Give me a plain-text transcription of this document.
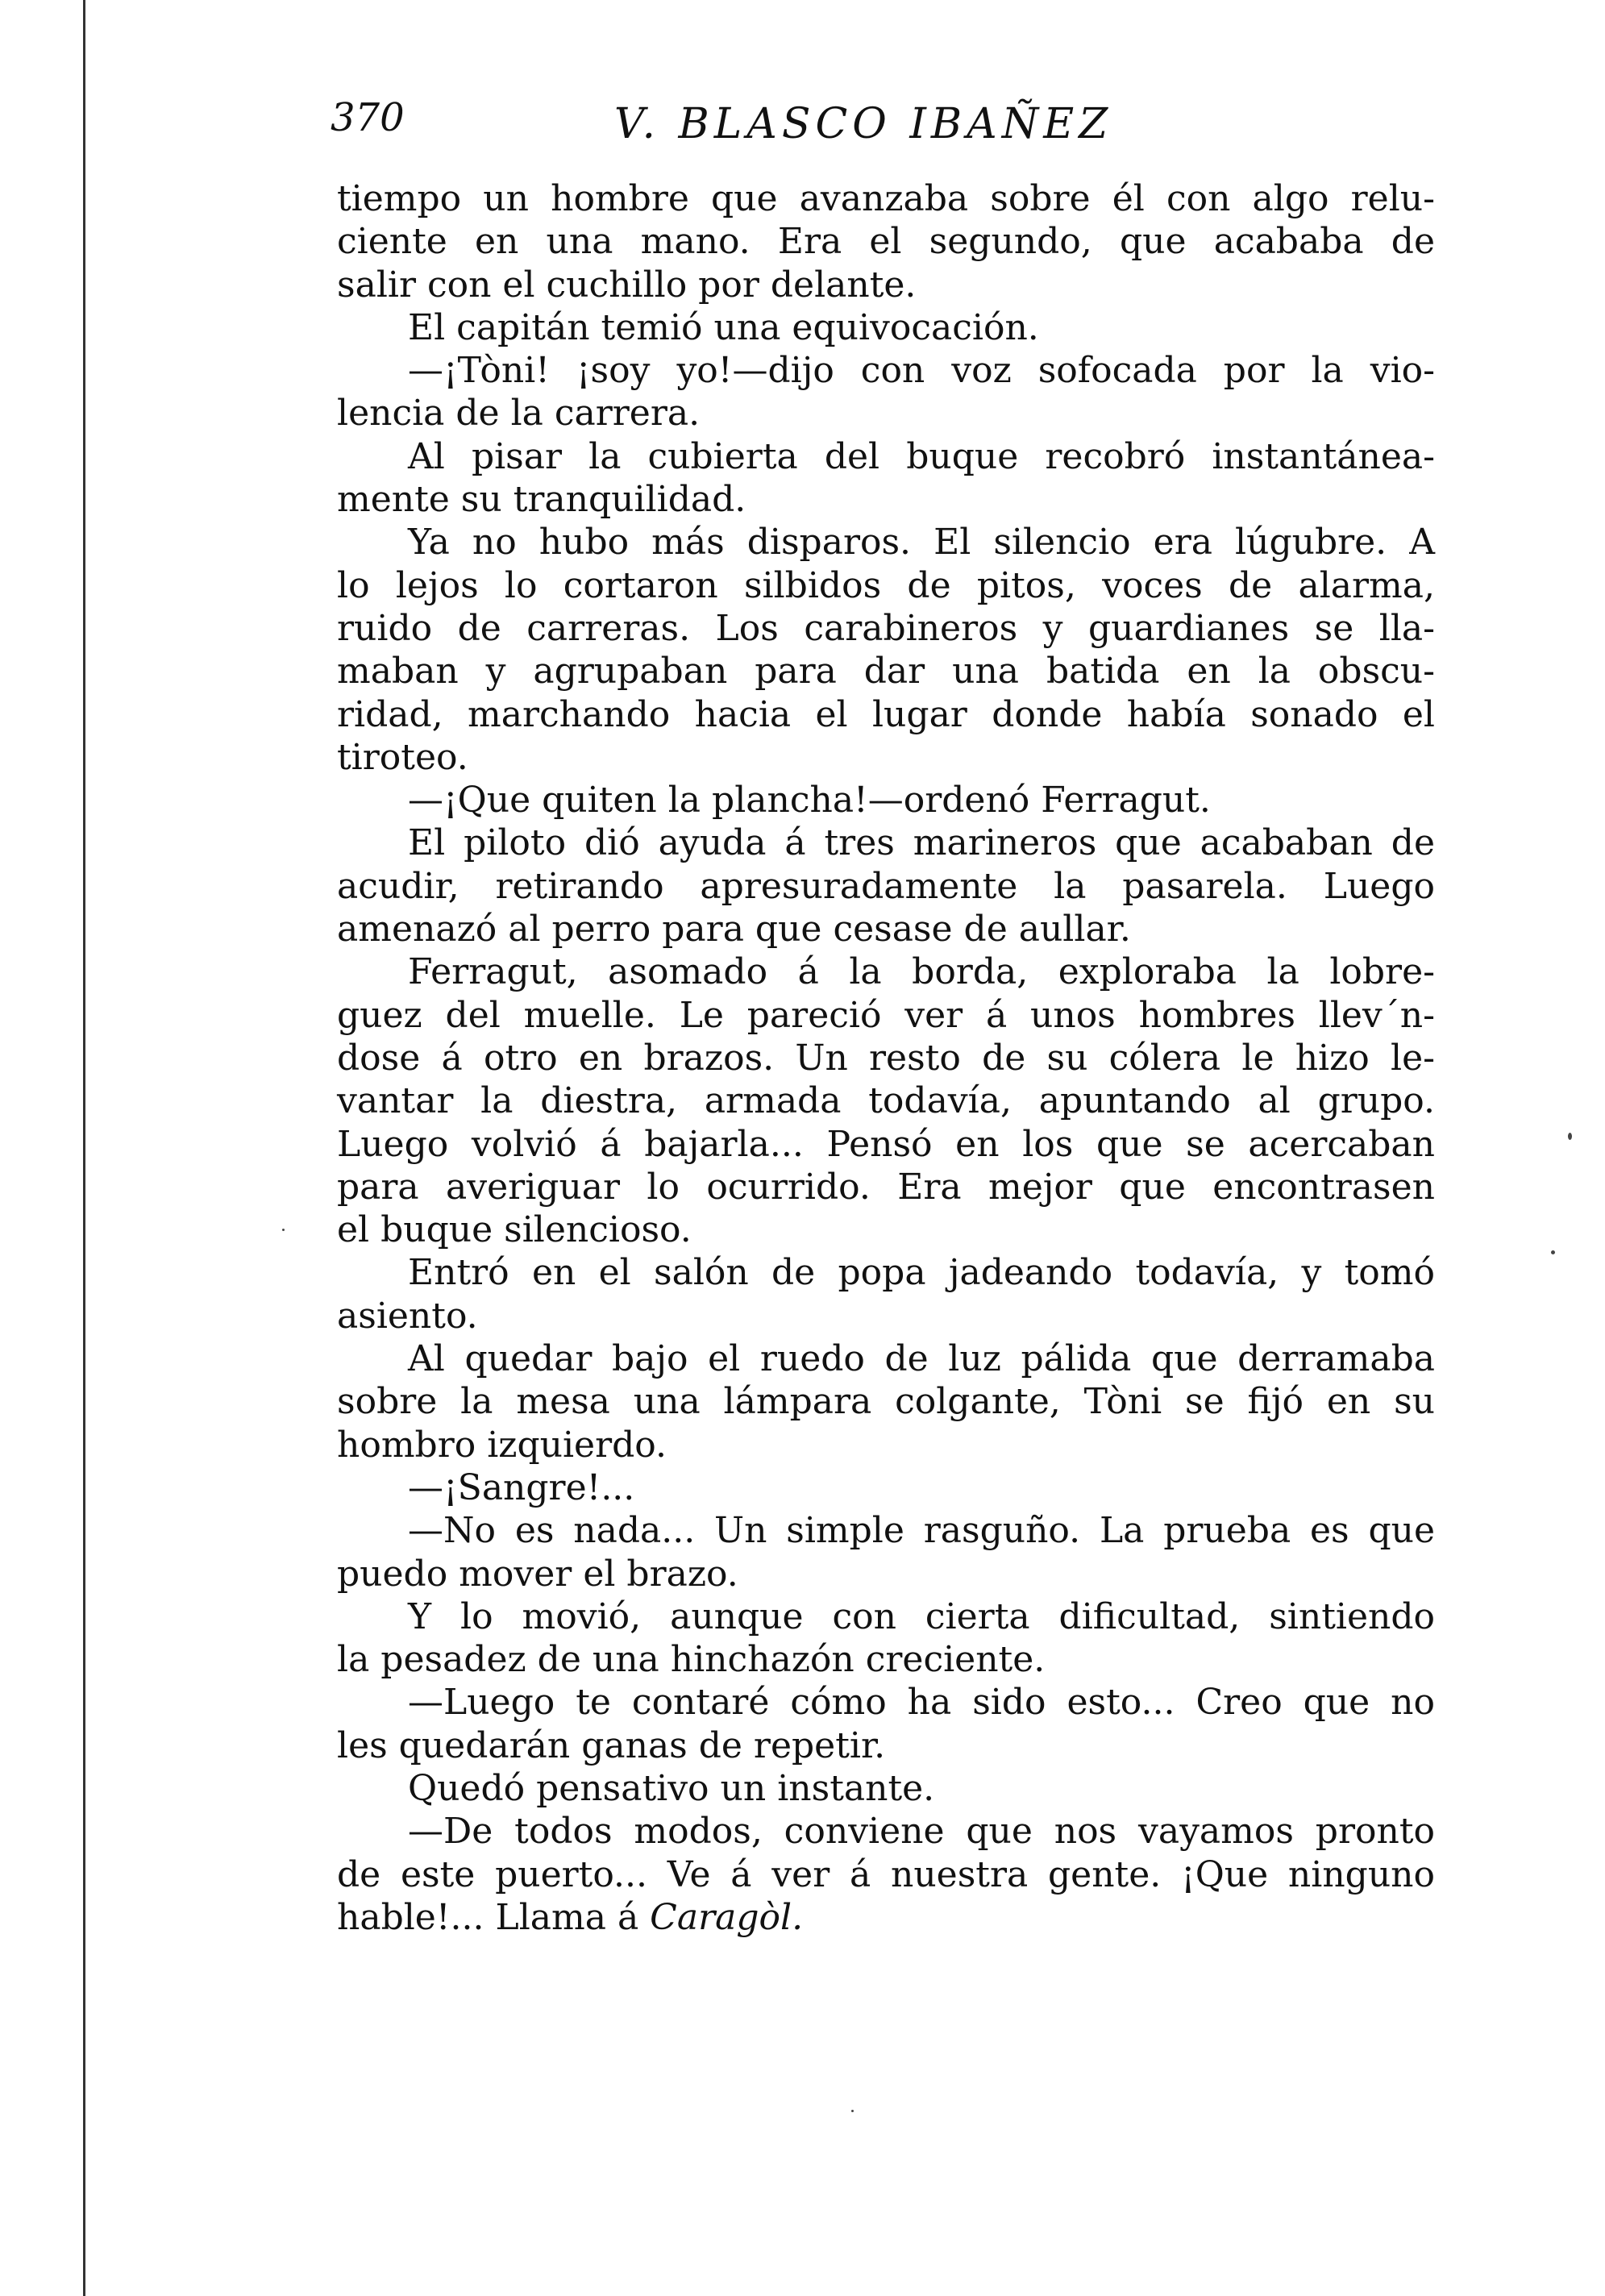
370	V. BLASCO IBAÑEZ
tiempo un hombre que avanzaba sobre él con algo relu-
ciente en una mano. Era el segundo, que acababa de
salir con el cuchillo por delante.
El capitán temió una equivocación.
—¡Tòni! ¡soy yo!—dijo con voz sofocada por la vio-
lencia de la carrera.
Al pisar la cubierta del buque recobró instantánea-
mente su tranquilidad.
Ya no hubo más disparos. El silencio era lúgubre. A
lo lejos lo cortaron silbidos de pitos, voces de alarma,
ruido de carreras. Los carabineros y guardianes se lla-
maban y agrupaban para dar una batida en la obscu-
ridad, marchando hacia el lugar donde había sonado el
tiroteo.
—¡Que quiten la plancha!—ordenó Ferragut.
El piloto dió ayuda á tres marineros que acababan de
acudir, retirando apresuradamente la pasarela. Luego
amenazó al perro para que cesase de aullar.
Ferragut, asomado á la borda, exploraba la lobre-
guez del muelle. Le pareció ver á unos hombres llev´n-
dose á otro en brazos. Un resto de su cólera le hizo le-
vantar la diestra, armada todavía, apuntando al grupo.
Luego volvió á bajarla... Pensó en los que se acercaban
para averiguar lo ocurrido. Era mejor que encontrasen
el buque silencioso.
Entró en el salón de popa jadeando todavía, y tomó
asiento.
Al quedar bajo el ruedo de luz pálida que derramaba
sobre la mesa una lámpara colgante, Tòni se fijó en su
hombro izquierdo.
—¡Sangre!...
—No es nada... Un simple rasguño. La prueba es que
puedo mover el brazo.
Y lo movió, aunque con cierta dificultad, sintiendo
la pesadez de una hinchazón creciente.
—Luego te contaré cómo ha sido esto... Creo que no
les quedarán ganas de repetir.
Quedó pensativo un instante.
—De todos modos, conviene que nos vayamos pronto
de este puerto... Ve á ver á nuestra gente. ¡Que ninguno
hable!... Llama á Caragòl.
